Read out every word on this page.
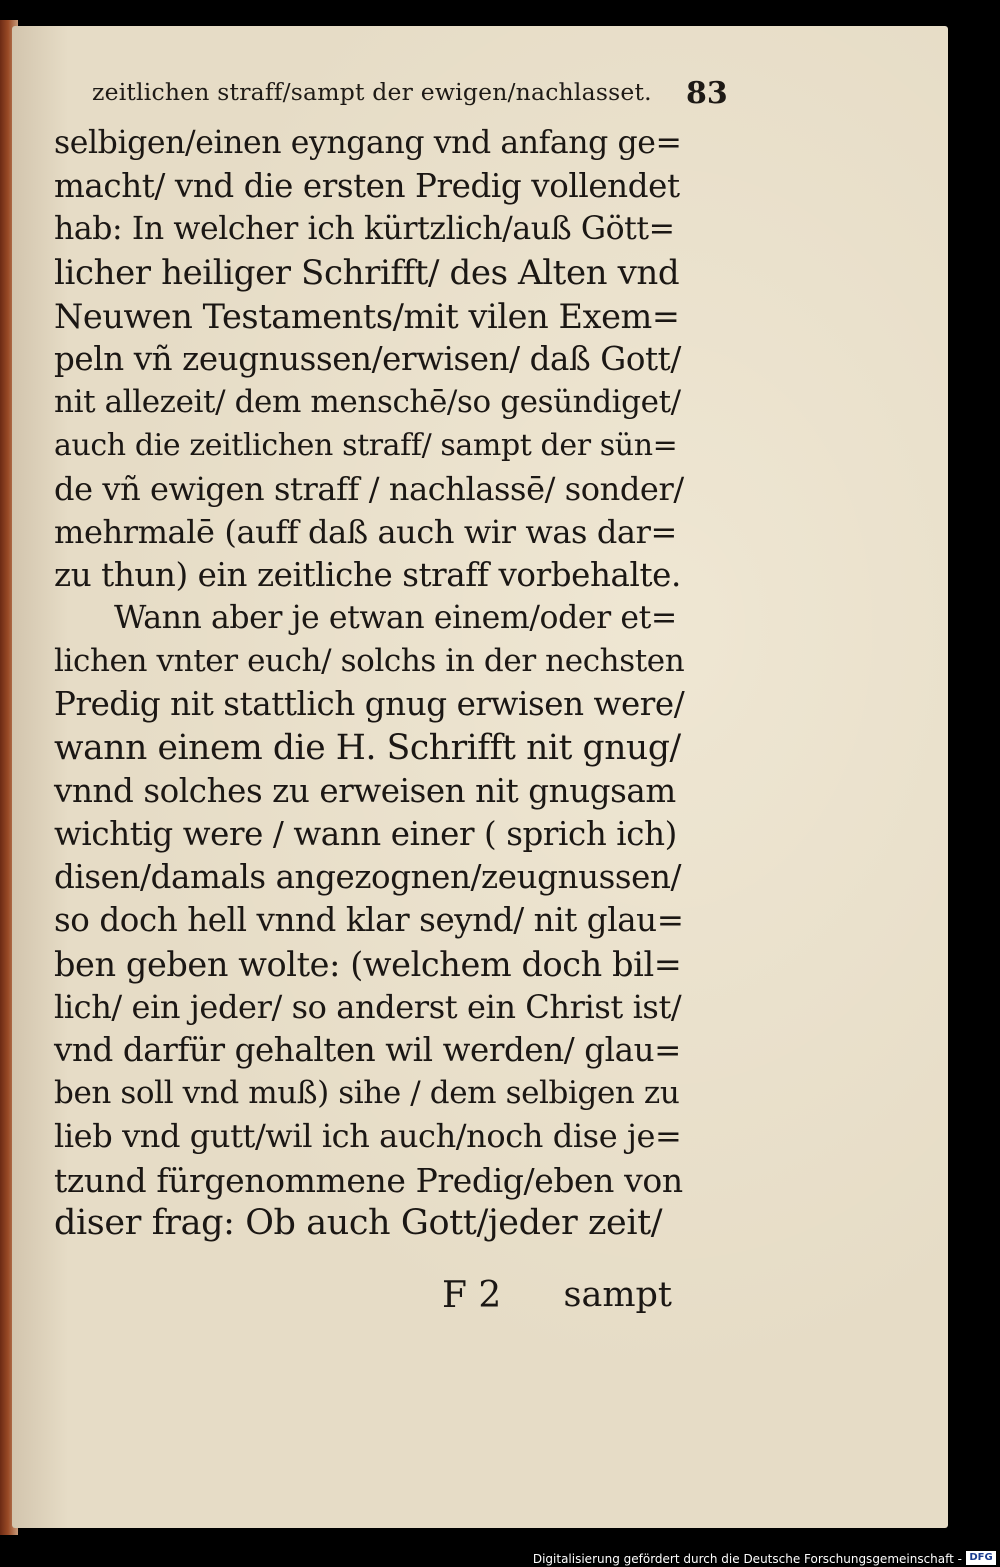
zeitlichen straff/sampt der ewigen/nachlasset.	83
selbigen/einen eyngang vnd anfang ge=
macht/ vnd die ersten Predig vollendet
hab: In welcher ich kürtzlich/auß Gött=
licher heiliger Schrifft/ des Alten vnd
Neuwen Testaments/mit vilen Exem=
peln vñ zeugnussen/erwisen/ daß Gott/
nit allezeit/ dem menschē/so gesündiget/
auch die zeitlichen straff/ sampt der sün=
de vñ ewigen straff / nachlassē/ sonder/
mehrmalē (auff daß auch wir was dar=
zu thun) ein zeitliche straff vorbehalte.
Wann aber je etwan einem/oder et=
lichen vnter euch/ solchs in der nechsten
Predig nit stattlich gnug erwisen were/
wann einem die H. Schrifft nit gnug/
vnnd solches zu erweisen nit gnugsam
wichtig were / wann einer ( sprich ich)
disen/damals angezognen/zeugnussen/
so doch hell vnnd klar seynd/ nit glau=
ben geben wolte: (welchem doch bil=
lich/ ein jeder/ so anderst ein Christ ist/
vnd darfür gehalten wil werden/ glau=
ben soll vnd muß) sihe / dem selbigen zu
lieb vnd gutt/wil ich auch/noch dise je=
tzund fürgenommene Predig/eben von
diser frag: Ob auch Gott/jeder zeit/
F 2 sampt
Digitalisierung gefördert durch die Deutsche Forschungsgemeinschaft - DFG
